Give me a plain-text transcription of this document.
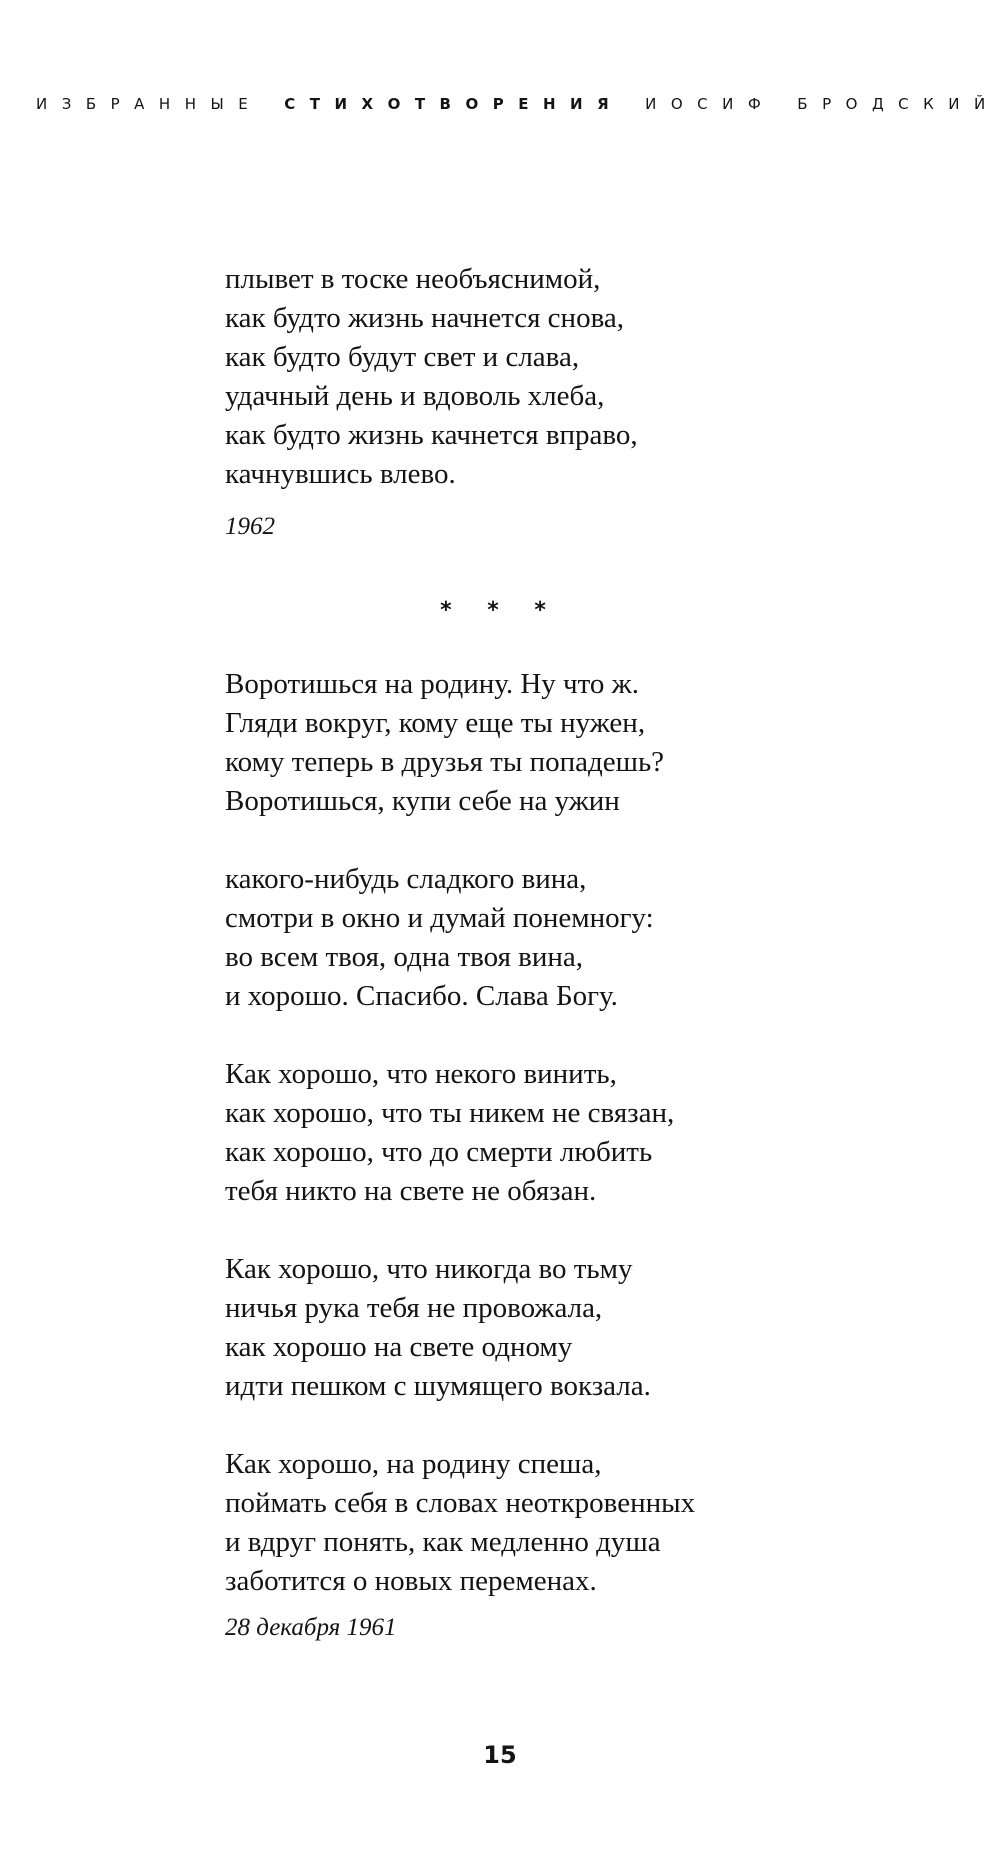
ИЗБРАННЫЕ СТИХОТВОРЕНИЯ ИОСИФ БРОДСКИЙ
плывет в тоске необъяснимой,
как будто жизнь начнется снова,
как будто будут свет и слава,
удачный день и вдоволь хлеба,
как будто жизнь качнется вправо,
качнувшись влево.
1962
* * *
Воротишься на родину. Ну что ж.
Гляди вокруг, кому еще ты нужен,
кому теперь в друзья ты попадешь?
Воротишься, купи себе на ужин
какого-нибудь сладкого вина,
смотри в окно и думай понемногу:
во всем твоя, одна твоя вина,
и хорошо. Спасибо. Слава Богу.
Как хорошо, что некого винить,
как хорошо, что ты никем не связан,
как хорошо, что до смерти любить
тебя никто на свете не обязан.
Как хорошо, что никогда во тьму
ничья рука тебя не провожала,
как хорошо на свете одному
идти пешком с шумящего вокзала.
Как хорошо, на родину спеша,
поймать себя в словах неоткровенных
и вдруг понять, как медленно душа
заботится о новых переменах.
28 декабря 1961
15
